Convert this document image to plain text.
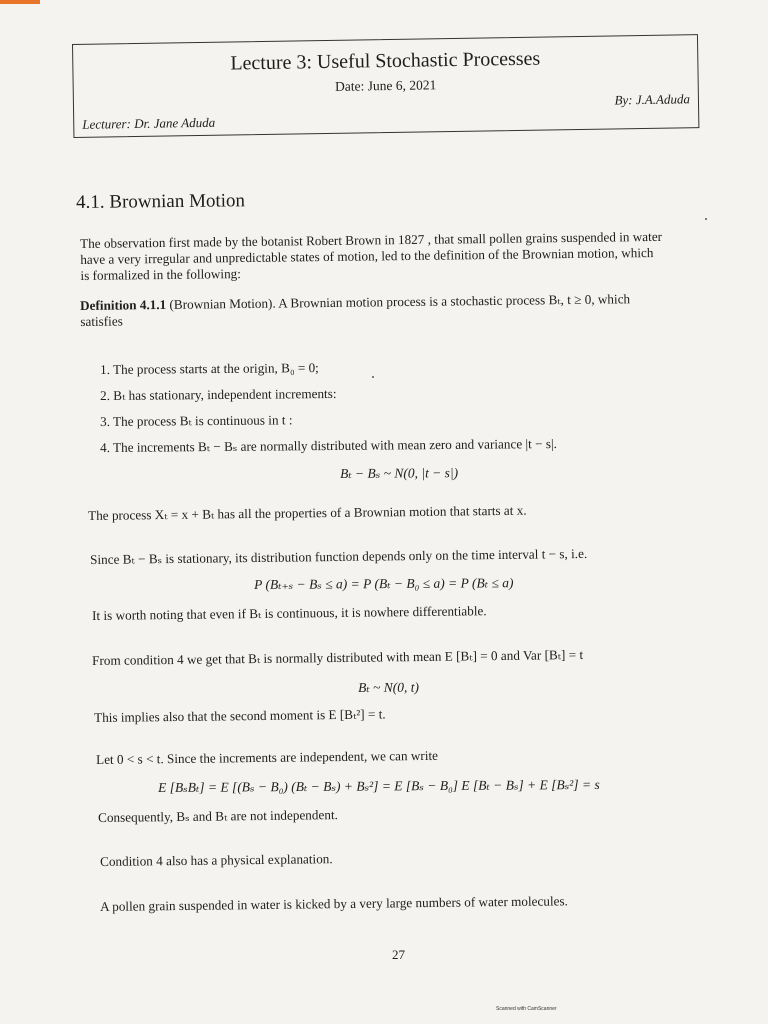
Lecture 3: Useful Stochastic Processes
Date: June 6, 2021
By: J.A.Aduda
Lecturer: Dr. Jane Aduda
4.1. Brownian Motion
The observation first made by the botanist Robert Brown in 1827 , that small pollen grains suspended in water
have a very irregular and unpredictable states of motion, led to the definition of the Brownian motion, which
is formalized in the following:
Definition 4.1.1 (Brownian Motion). A Brownian motion process is a stochastic process Bₜ, t ≥ 0, which
satisfies
1. The process starts at the origin, B₀ = 0;
2. Bₜ has stationary, independent increments:
3. The process Bₜ is continuous in t :
4. The increments Bₜ − Bₛ are normally distributed with mean zero and variance |t − s|.
Bₜ − Bₛ ~ N(0, |t − s|)
The process Xₜ = x + Bₜ has all the properties of a Brownian motion that starts at x.
Since Bₜ − Bₛ is stationary, its distribution function depends only on the time interval t − s, i.e.
P (Bₜ₊ₛ − Bₛ ≤ a) = P (Bₜ − B₀ ≤ a) = P (Bₜ ≤ a)
It is worth noting that even if Bₜ is continuous, it is nowhere differentiable.
From condition 4 we get that Bₜ is normally distributed with mean E [Bₜ] = 0 and Var [Bₜ] = t
Bₜ ~ N(0, t)
This implies also that the second moment is E [Bₜ²] = t.
Let 0 < s < t. Since the increments are independent, we can write
E [BₛBₜ] = E [(Bₛ − B₀) (Bₜ − Bₛ) + Bₛ²] = E [Bₛ − B₀] E [Bₜ − Bₛ] + E [Bₛ²] = s
Consequently, Bₛ and Bₜ are not independent.
Condition 4 also has a physical explanation.
A pollen grain suspended in water is kicked by a very large numbers of water molecules.
27
Scanned with CamScanner
